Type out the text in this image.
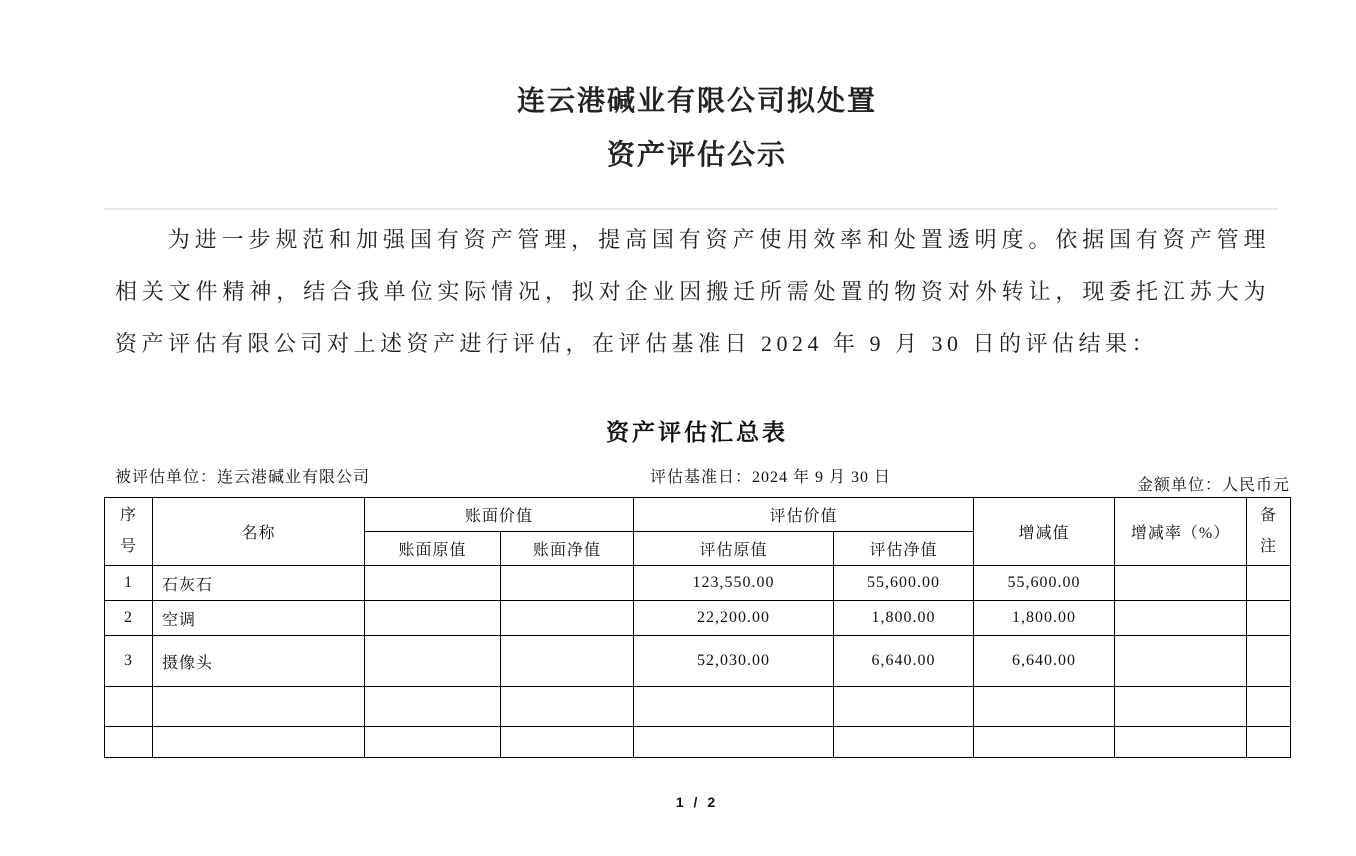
连云港碱业有限公司拟处置
资产评估公示
为进一步规范和加强国有资产管理，提高国有资产使用效率和处置透明度。依据国有资产管理
相关文件精神，结合我单位实际情况，拟对企业因搬迁所需处置的物资对外转让，现委托江苏大为
资产评估有限公司对上述资产进行评估，在评估基准日 2024 年 9 月 30 日的评估结果：
资产评估汇总表
被评估单位：连云港碱业有限公司	评估基准日：2024 年 9 月 30 日	金额单位：人民币元
序号	名称	账面价值		评估价值		增减值	增减率（%）	备注
		账面原值	账面净值	评估原值	评估净值			
1	石灰石			123,550.00	55,600.00	55,600.00		
2	空调			22,200.00	1,800.00	1,800.00		
3	摄像头			52,030.00	6,640.00	6,640.00		

1 / 2
